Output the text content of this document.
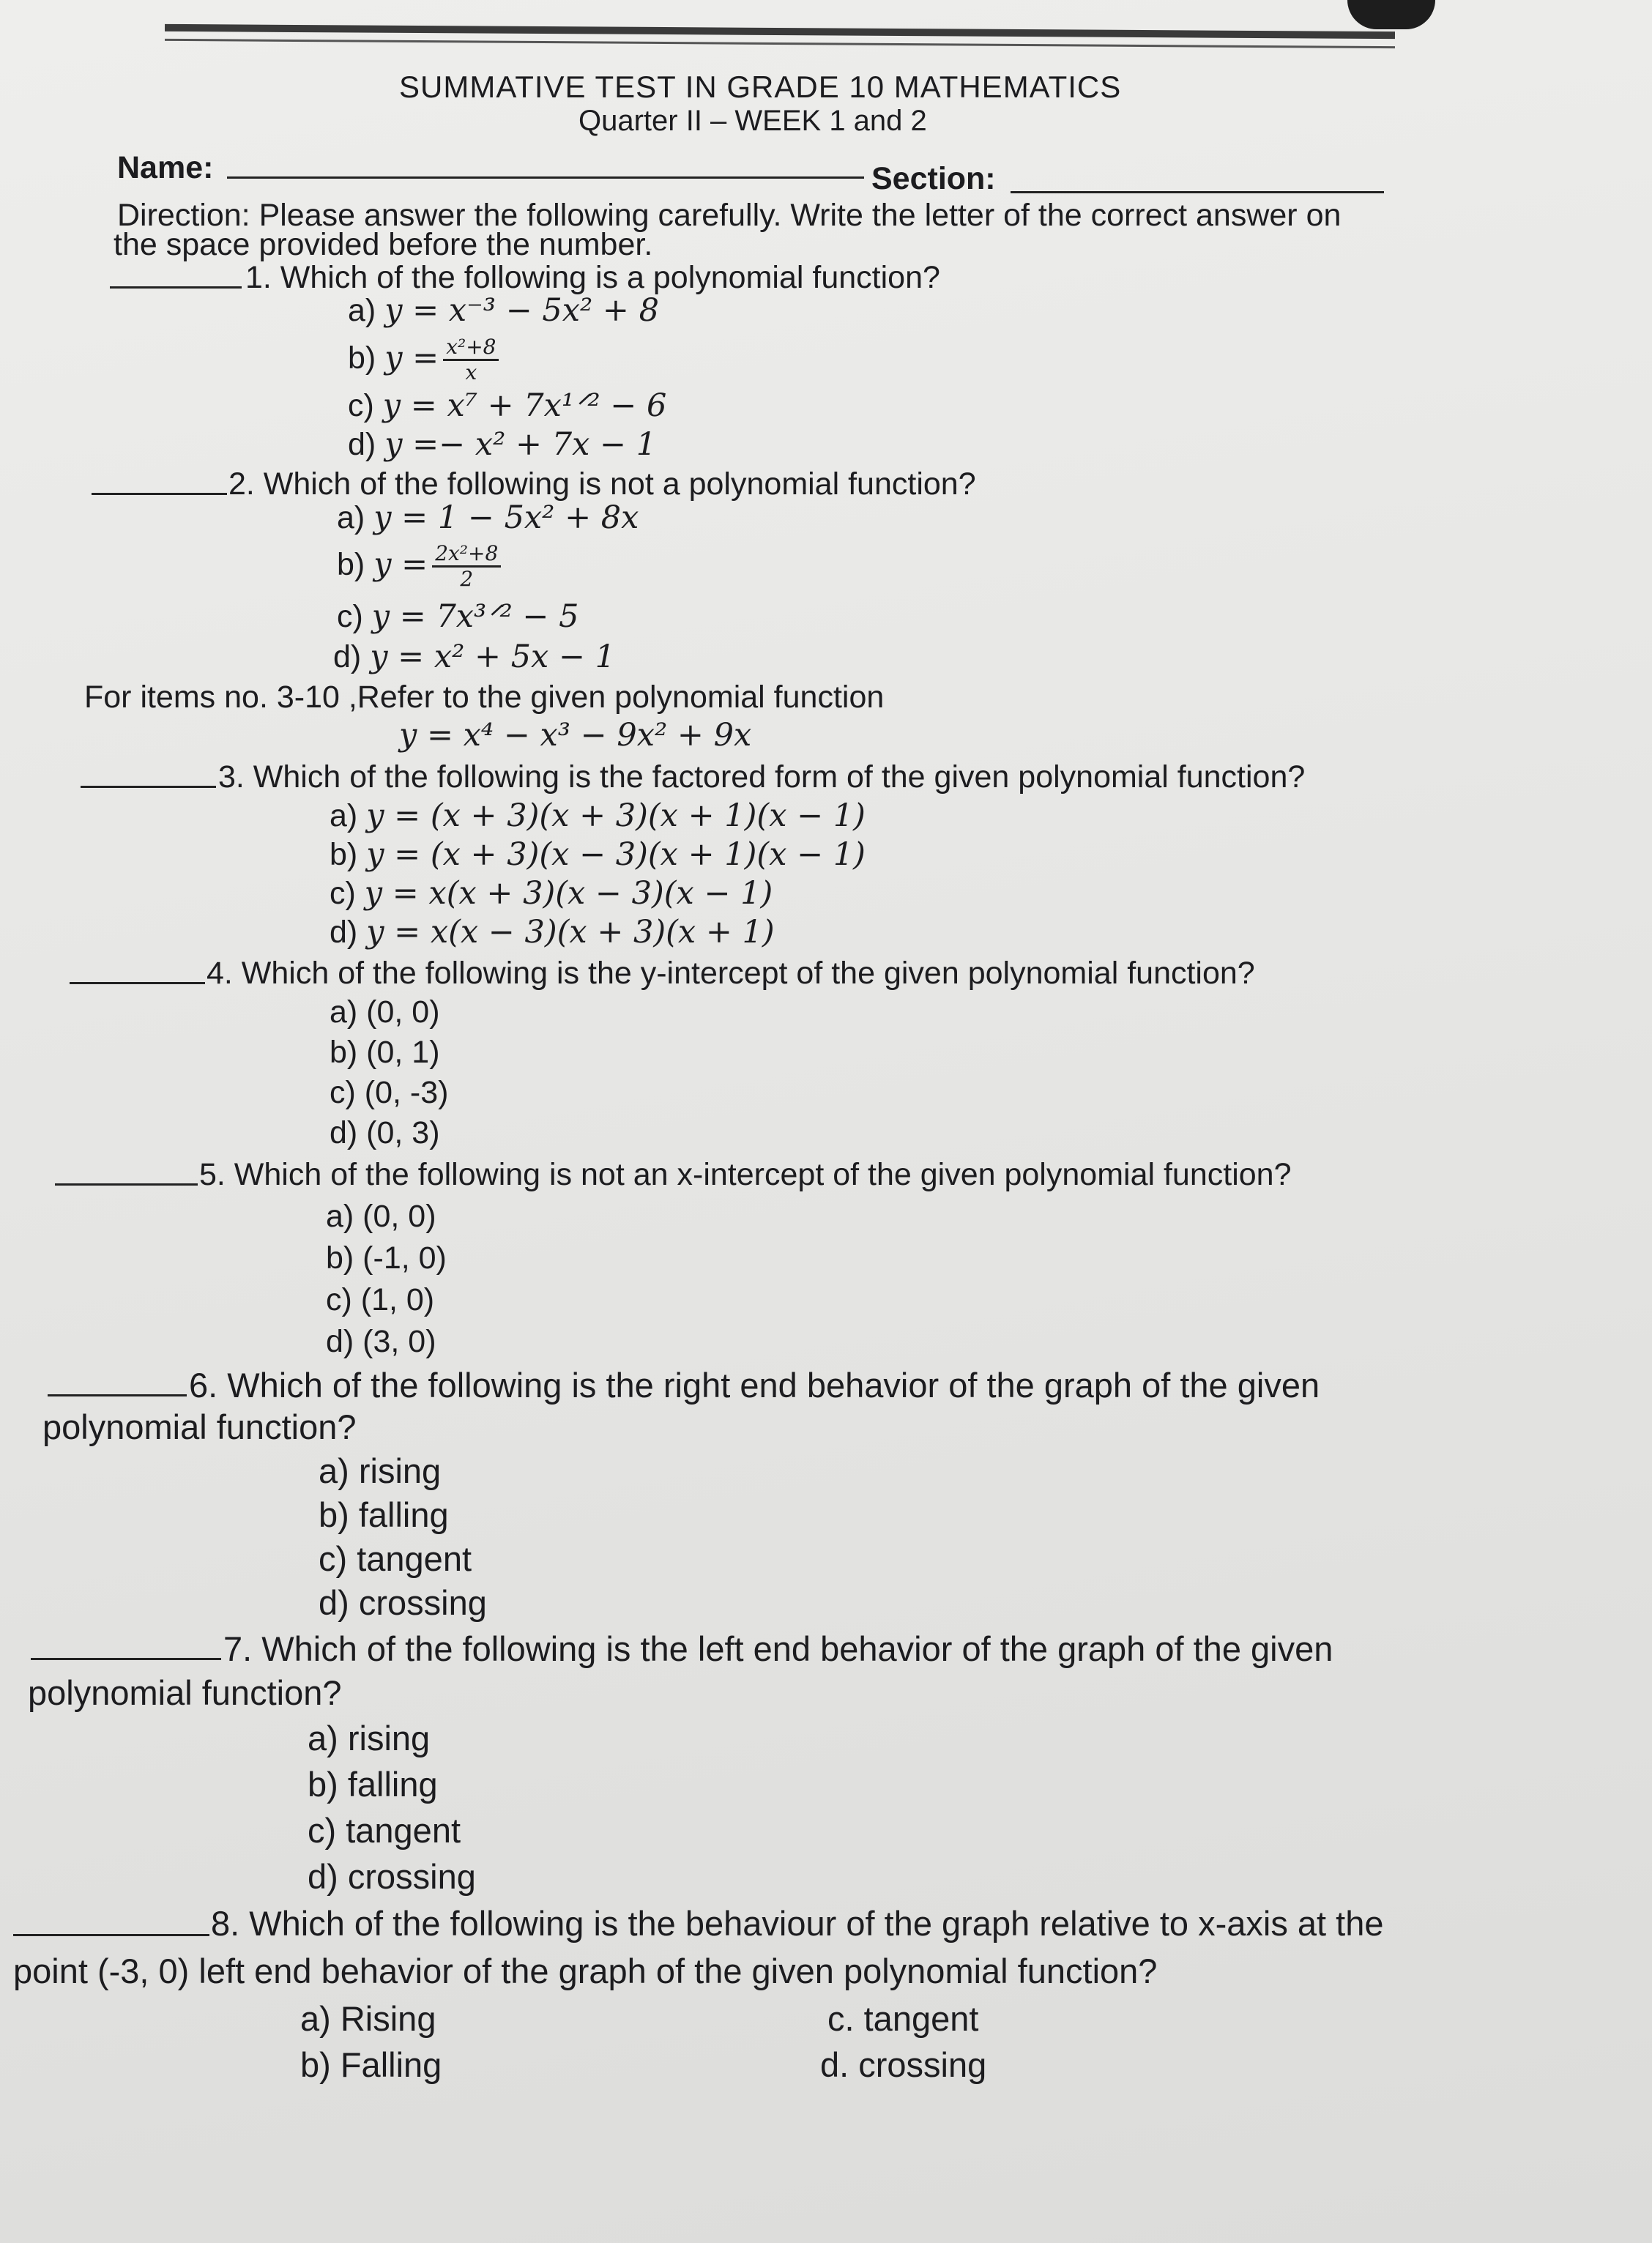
SUMMATIVE TEST IN GRADE 10 MATHEMATICS
Quarter II – WEEK 1 and 2
Name:	Section:
Direction: Please answer the following carefully. Write the letter of the correct answer on
the space provided before the number.
1. Which of the following is a polynomial function?
a) y = x⁻³ − 5x² + 8
b) $y = \frac{\text{x²+8}}{x}$
c) y = x⁷ + 7x¹ᐟ² − 6
d) y =− x² + 7x − 1
2. Which of the following is not a polynomial function?
a) y = 1 − 5x² + 8x
b) $y = \frac{\text{2x²+8}}{2}$
c) y = 7x³ᐟ² − 5
d) y = x² + 5x − 1
For items no. 3-10 ,Refer to the given polynomial function
y = x⁴ − x³ − 9x² + 9x
3. Which of the following is the factored form of the given polynomial function?
a) y = (x + 3)(x + 3)(x + 1)(x − 1)
b) y = (x + 3)(x − 3)(x + 1)(x − 1)
c) y = x(x + 3)(x − 3)(x − 1)
d) y = x(x − 3)(x + 3)(x + 1)
4. Which of the following is the y-intercept of the given polynomial function?
a) (0, 0)
b) (0, 1)
c) (0, -3)
d) (0, 3)
5. Which of the following is not an x-intercept of the given polynomial function?
a) (0, 0)
b) (-1, 0)
c) (1, 0)
d) (3, 0)
6. Which of the following is the right end behavior of the graph of the given
polynomial function?
a) rising
b) falling
c) tangent
d) crossing
7. Which of the following is the left end behavior of the graph of the given
polynomial function?
a) rising
b) falling
c) tangent
d) crossing
8. Which of the following is the behaviour of the graph relative to x-axis at the
point (-3, 0) left end behavior of the graph of the given polynomial function?
a) Rising
b) Falling
c. tangent
d. crossing
